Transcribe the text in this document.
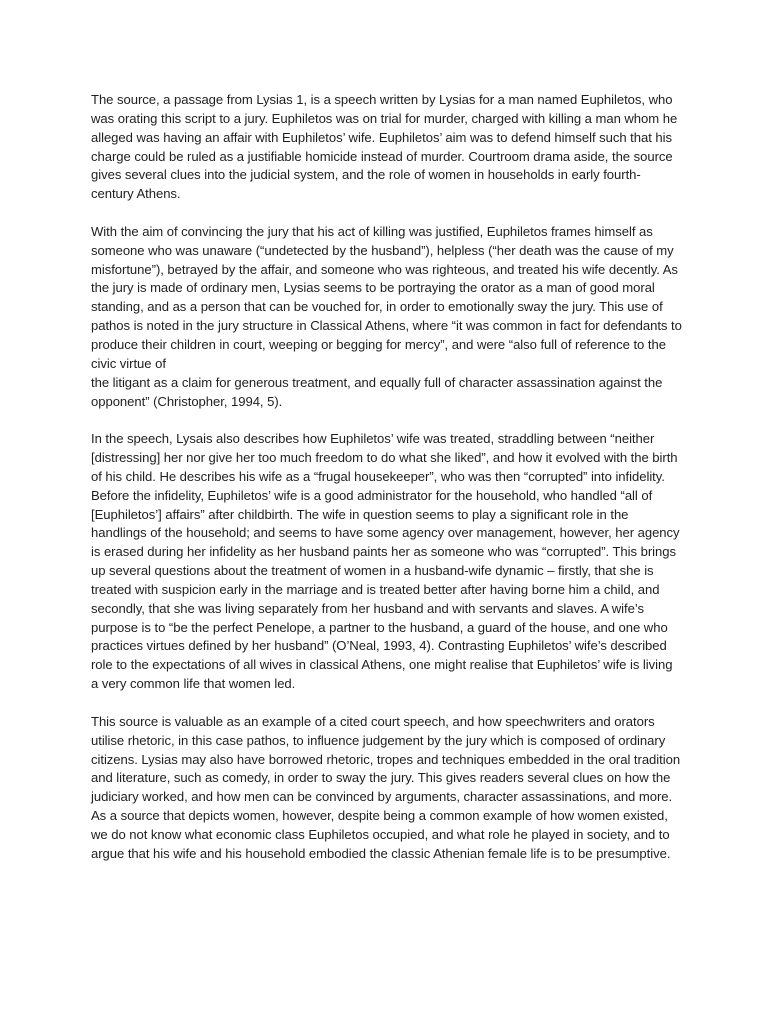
The source, a passage from Lysias 1, is a speech written by Lysias for a man named Euphiletos, who was orating this script to a jury. Euphiletos was on trial for murder, charged with killing a man whom he alleged was having an affair with Euphiletos’ wife. Euphiletos’ aim was to defend himself such that his charge could be ruled as a justifiable homicide instead of murder. Courtroom drama aside, the source gives several clues into the judicial system, and the role of women in households in early fourth-century Athens.

With the aim of convincing the jury that his act of killing was justified, Euphiletos frames himself as someone who was unaware (“undetected by the husband”), helpless (“her death was the cause of my misfortune”), betrayed by the affair, and someone who was righteous, and treated his wife decently. As the jury is made of ordinary men, Lysias seems to be portraying the orator as a man of good moral standing, and as a person that can be vouched for, in order to emotionally sway the jury. This use of pathos is noted in the jury structure in Classical Athens, where “it was common in fact for defendants to produce their children in court, weeping or begging for mercy”, and were “also full of reference to the civic virtue of
the litigant as a claim for generous treatment, and equally full of character assassination against the opponent” (Christopher, 1994, 5).

In the speech, Lysais also describes how Euphiletos’ wife was treated, straddling between “neither [distressing] her nor give her too much freedom to do what she liked”, and how it evolved with the birth of his child. He describes his wife as a “frugal housekeeper”, who was then “corrupted” into infidelity. Before the infidelity, Euphiletos’ wife is a good administrator for the household, who handled “all of [Euphiletos’] affairs” after childbirth. The wife in question seems to play a significant role in the handlings of the household; and seems to have some agency over management, however, her agency is erased during her infidelity as her husband paints her as someone who was “corrupted”. This brings up several questions about the treatment of women in a husband-wife dynamic – firstly, that she is treated with suspicion early in the marriage and is treated better after having borne him a child, and secondly, that she was living separately from her husband and with servants and slaves. A wife’s purpose is to “be the perfect Penelope, a partner to the husband, a guard of the house, and one who practices virtues defined by her husband” (O’Neal, 1993, 4). Contrasting Euphiletos’ wife’s described role to the expectations of all wives in classical Athens, one might realise that Euphiletos’ wife is living a very common life that women led.

This source is valuable as an example of a cited court speech, and how speechwriters and orators utilise rhetoric, in this case pathos, to influence judgement by the jury which is composed of ordinary citizens. Lysias may also have borrowed rhetoric, tropes and techniques embedded in the oral tradition and literature, such as comedy, in order to sway the jury. This gives readers several clues on how the judiciary worked, and how men can be convinced by arguments, character assassinations, and more. As a source that depicts women, however, despite being a common example of how women existed, we do not know what economic class Euphiletos occupied, and what role he played in society, and to argue that his wife and his household embodied the classic Athenian female life is to be presumptive.
